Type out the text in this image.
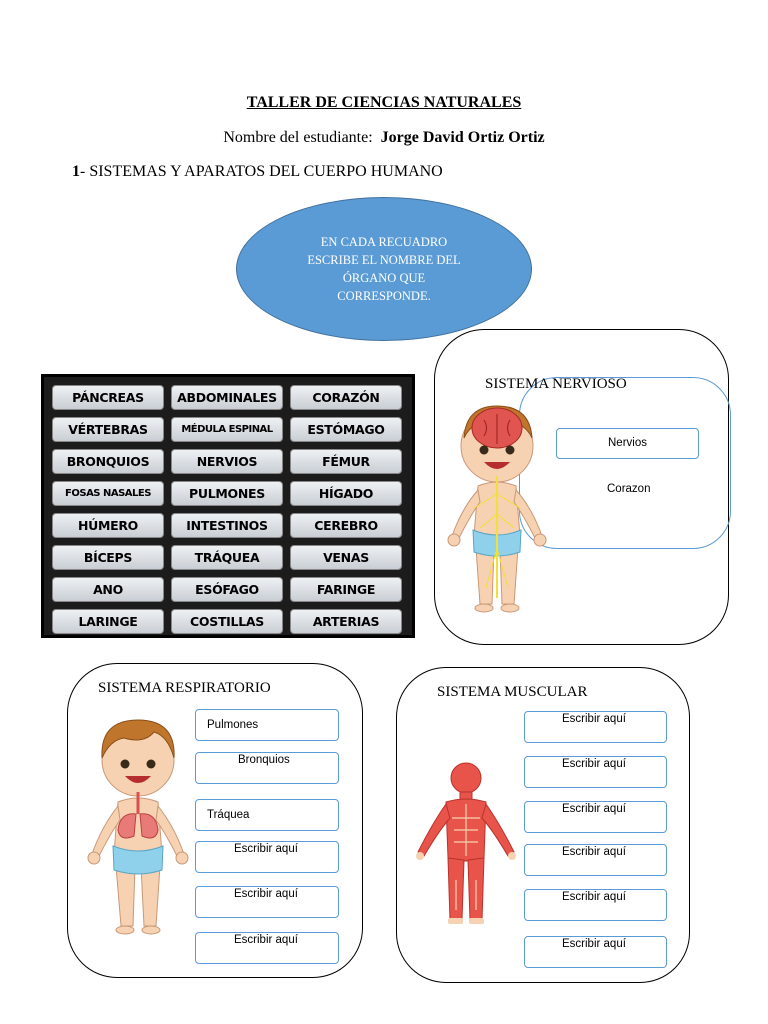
TALLER DE CIENCIAS NATURALES
Nombre del estudiante: Jorge David Ortiz Ortiz
1- SISTEMAS Y APARATOS DEL CUERPO HUMANO
EN CADA RECUADRO
ESCRIBE EL NOMBRE DEL
ÓRGANO QUE
CORRESPONDE.
PÁNCREAS	ABDOMINALES	CORAZÓN
VÉRTEBRAS	MÉDULA ESPINAL	ESTÓMAGO
BRONQUIOS	NERVIOS	FÉMUR
FOSAS NASALES	PULMONES	HÍGADO
HÚMERO	INTESTINOS	CEREBRO
BÍCEPS	TRÁQUEA	VENAS
ANO	ESÓFAGO	FARINGE
LARINGE	COSTILLAS	ARTERIAS
SISTEMA NERVIOSO
Nervios
Corazon
SISTEMA RESPIRATORIO
Pulmones
Bronquios
Tráquea
Escribir aquí
Escribir aquí
Escribir aquí
SISTEMA MUSCULAR
Escribir aquí
Escribir aquí
Escribir aquí
Escribir aquí
Escribir aquí
Escribir aquí
